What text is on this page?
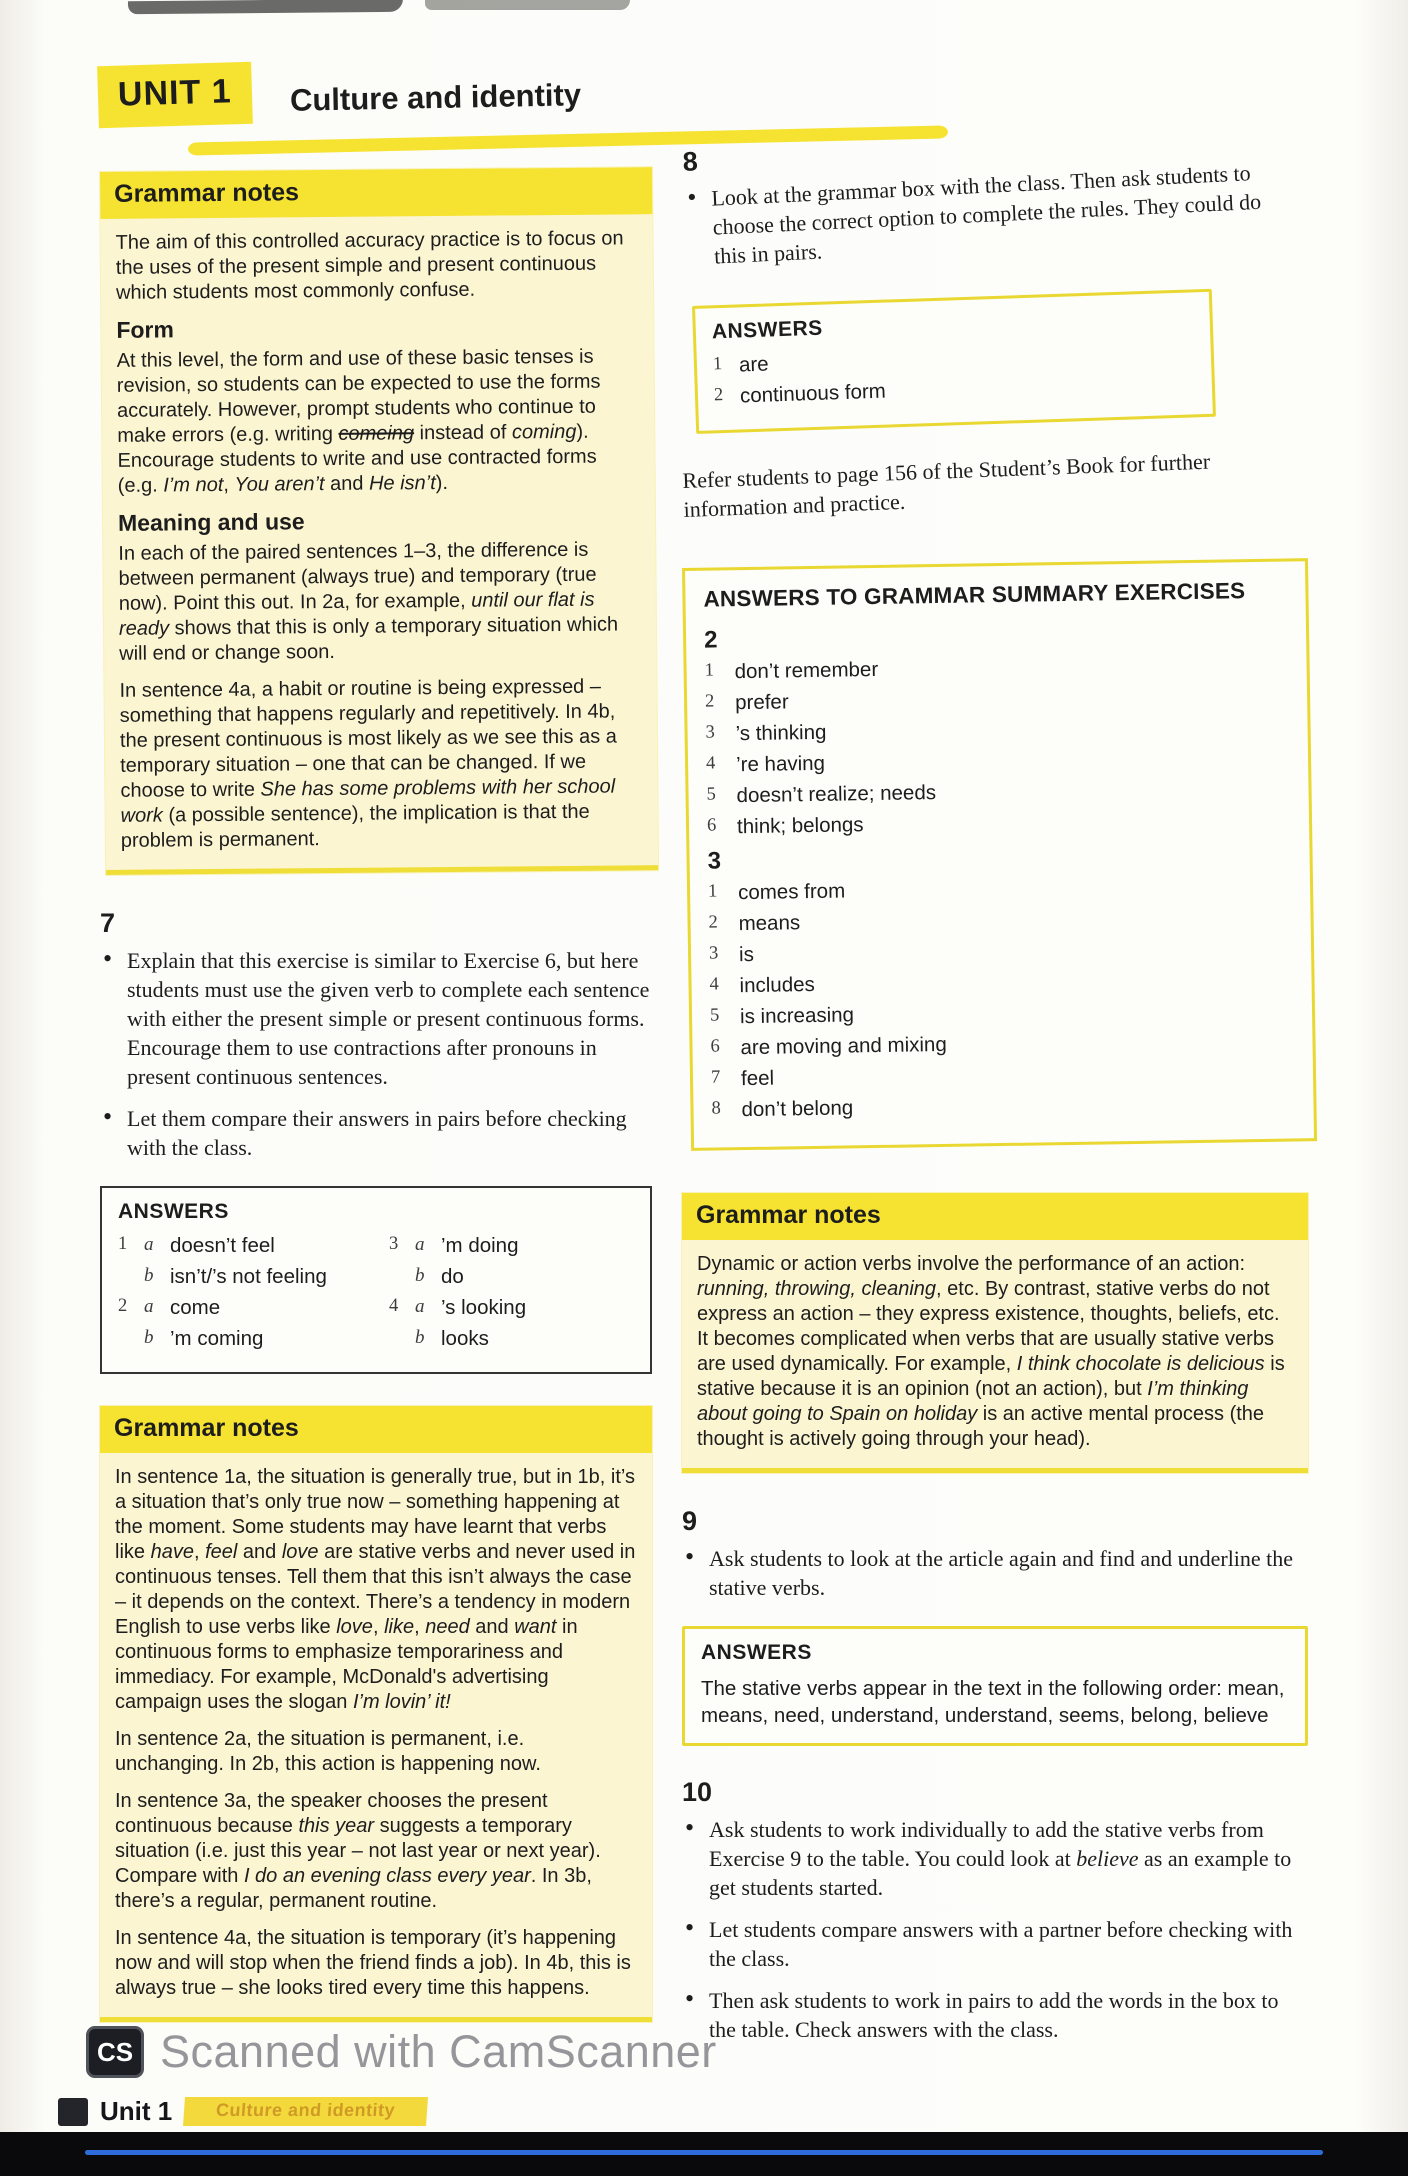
UNIT 1	Culture and identity
Grammar notes

The aim of this controlled accuracy practice is to focus on the uses of the present simple and present continuous which students most commonly confuse.

Form

At this level, the form and use of these basic tenses is revision, so students can be expected to use the forms accurately. However, prompt students who continue to make errors (e.g. writing comeing instead of coming). Encourage students to write and use contracted forms (e.g. I’m not, You aren’t and He isn’t).

Meaning and use

In each of the paired sentences 1–3, the difference is between permanent (always true) and temporary (true now). Point this out. In 2a, for example, until our flat is ready shows that this is only a temporary situation which will end or change soon.

In sentence 4a, a habit or routine is being expressed – something that happens regularly and repetitively. In 4b, the present continuous is most likely as we see this as a temporary situation – one that can be changed. If we choose to write She has some problems with her school work (a possible sentence), the implication is that the problem is permanent.

7
• Explain that this exercise is similar to Exercise 6, but here students must use the given verb to complete each sentence with either the present simple or present continuous forms. Encourage them to use contractions after pronouns in present continuous sentences.
• Let them compare their answers in pairs before checking with the class.
ANSWERS
1 a doesn’t feel
b isn’t/’s not feeling
2 a come
b ’m coming
3 a ’m doing
b do
4 a ’s looking
b looks
Grammar notes

In sentence 1a, the situation is generally true, but in 1b, it’s a situation that’s only true now – something happening at the moment. Some students may have learnt that verbs like have, feel and love are stative verbs and never used in continuous tenses. Tell them that this isn’t always the case – it depends on the context. There’s a tendency in modern English to use verbs like love, like, need and want in continuous forms to emphasize temporariness and immediacy. For example, McDonald's advertising campaign uses the slogan I’m lovin’ it!

In sentence 2a, the situation is permanent, i.e. unchanging. In 2b, this action is happening now.

In sentence 3a, the speaker chooses the present continuous because this year suggests a temporary situation (i.e. just this year – not last year or next year). Compare with I do an evening class every year. In 3b, there’s a regular, permanent routine.

In sentence 4a, the situation is temporary (it’s happening now and will stop when the friend finds a job). In 4b, this is always true – she looks tired every time this happens.

8 • Look at the grammar box with the class. Then ask students to choose the correct option to complete the rules. They could do this in pairs.
ANSWERS
1 are
2 continuous form

Refer students to page 156 of the Student’s Book for further information and practice.

ANSWERS TO GRAMMAR SUMMARY EXERCISES
2
1 don’t remember
2 prefer
3 ’s thinking
4 ’re having
5 doesn’t realize; needs
6 think; belongs
3
1 comes from
2 means
3 is
4 includes
5 is increasing
6 are moving and mixing
7 feel
8 don’t belong
Grammar notes

Dynamic or action verbs involve the performance of an action: running, throwing, cleaning, etc. By contrast, stative verbs do not express an action – they express existence, thoughts, beliefs, etc. It becomes complicated when verbs that are usually stative verbs are used dynamically. For example, I think chocolate is delicious is stative because it is an opinion (not an action), but I’m thinking about going to Spain on holiday is an active mental process (the thought is actively going through your head).

9
• Ask students to look at the article again and find and underline the stative verbs.
ANSWERS
The stative verbs appear in the text in the following order: mean, means, need, understand, understand, seems, belong, believe
10
• Ask students to work individually to add the stative verbs from Exercise 9 to the table. You could look at believe as an example to get students started.
• Let students compare answers with a partner before checking with the class.
• Then ask students to work in pairs to add the words in the box to the table. Check answers with the class.
CS Scanned with CamScanner
Unit 1	Culture and identity
